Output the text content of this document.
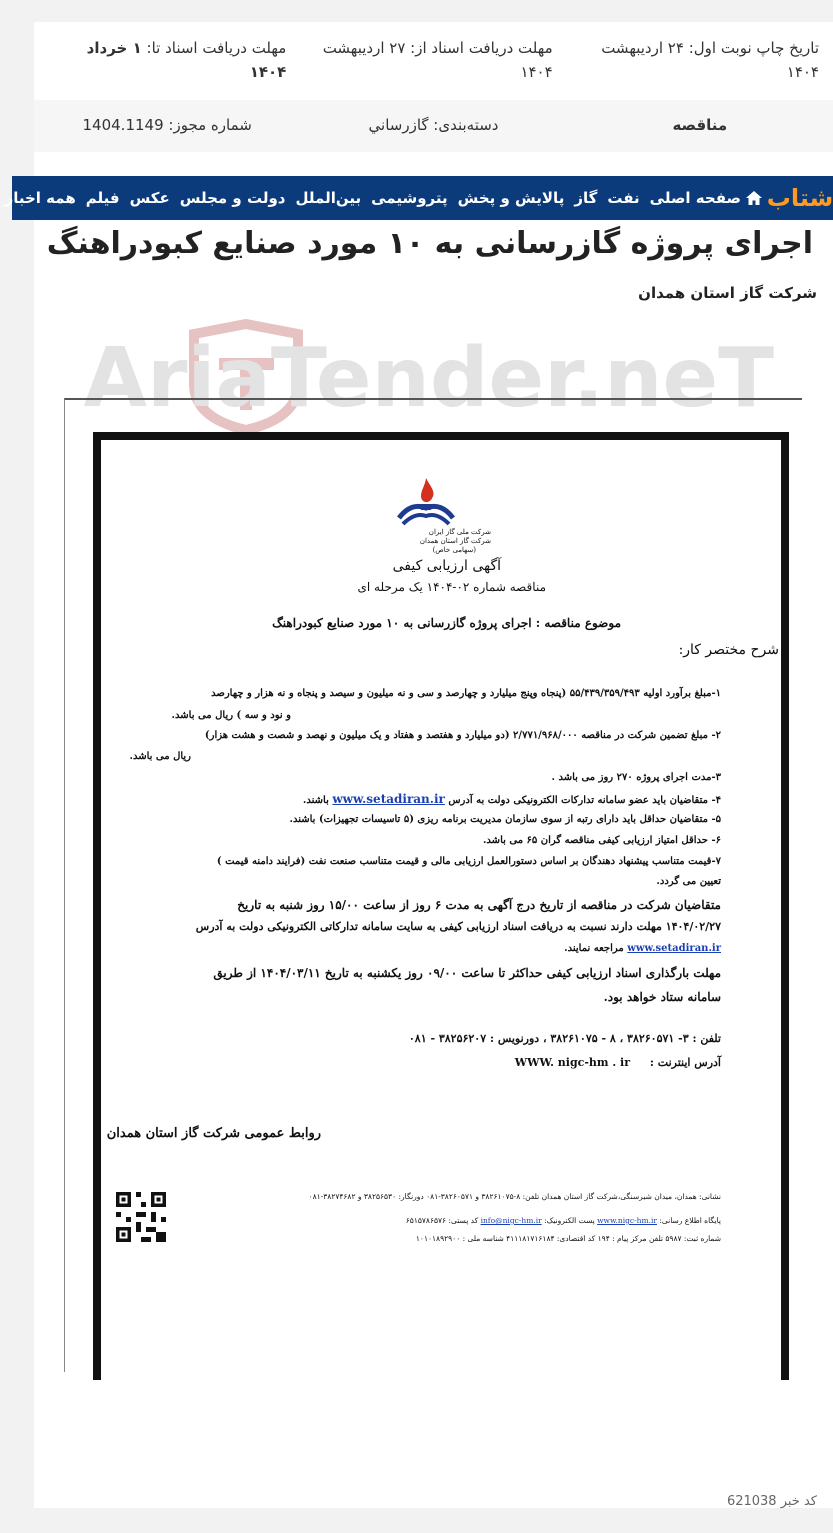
تاریخ چاپ نوبت اول: ۲۴ اردیبهشت ۱۴۰۴
مهلت دریافت اسناد از: ۲۷ اردیبهشت ۱۴۰۴
مهلت دریافت اسناد تا: ۱ خرداد ۱۴۰۴
مناقصه
دسته‌بندی: گازرساني
شماره مجوز: 1404.1149
اجرای پروژه گازرسانی به ۱۰ مورد صنایع کبودراهنگ
شرکت گاز استان همدان
AriaTender.neT
شرکت ملی گاز ایران
شرکت گاز استان همدان
(سهامی خاص)
آگهی ارزیابی کیفی
مناقصه شماره ۰۲-۱۴۰۴ یک مرحله ای
موضوع مناقصه : اجرای پروژه گازرسانی به ۱۰ مورد صنایع کبودراهنگ
شرح مختصر کار:
۱-مبلغ برآورد اولیه ۵۵/۴۳۹/۳۵۹/۴۹۳ (پنجاه وپنج میلیارد و چهارصد و سی و نه میلیون و سیصد و پنجاه و نه هزار و چهارصد
و نود و سه ) ریال می باشد.
۲- مبلغ تضمین شرکت در مناقصه ۲/۷۷۱/۹۶۸/۰۰۰ (دو میلیارد و هفتصد و هفتاد و یک میلیون و نهصد و شصت و هشت هزار)
ریال می باشد.
۳-مدت اجرای پروژه ۲۷۰ روز می باشد .
۴- متقاضیان باید عضو سامانه تدارکات الکترونیکی دولت به آدرس www.setadiran.ir باشند.
۵- متقاضیان حداقل باید دارای رتبه از سوی سازمان مدیریت برنامه ریزی (۵ تاسیسات تجهیزات) باشند.
۶- حداقل امتیاز ارزیابی کیفی مناقصه گران ۶۵ می باشد.
۷-قیمت متناسب پیشنهاد دهندگان بر اساس دستورالعمل ارزیابی مالی و قیمت متناسب صنعت نفت (فرایند دامنه قیمت )
تعیین می گردد.
متقاضیان شرکت در مناقصه از تاریخ درج آگهی به مدت ۶ روز از ساعت ۱۵/۰۰ روز شنبه به تاریخ
۱۴۰۴/۰۲/۲۷ مهلت دارند نسبت به دریافت اسناد ارزیابی کیفی به سایت سامانه تدارکاتی الکترونیکی دولت به آدرس
www.setadiran.ir مراجعه نمایند.
مهلت بارگذاری اسناد ارزیابی کیفی حداکثر تا ساعت ۰۹/۰۰ روز یکشنبه به تاریخ ۱۴۰۴/۰۳/۱۱ از طریق
سامانه ستاد خواهد بود.
تلفن : ۳- ۳۸۲۶۰۵۷۱ ، ۸ - ۳۸۲۶۱۰۷۵ ، دورنویس : ۳۸۲۵۶۲۰۷ - ۰۸۱
آدرس اینترنت : WWW. nigc-hm . ir
روابط عمومی شرکت گاز استان همدان
نشانی: همدان، میدان شیرسنگی،شرکت گاز استان همدان تلفن: ۸-۳۸۲۶۱۰۷۵ و ۳۸۲۶۰۵۷۱-۰۸۱ دورنگار: ۳۸۲۵۶۵۳۰ و ۳۸۲۷۴۶۸۲-۰۸۱
پایگاه اطلاع رسانی: www.nigc-hm.ir پست الکترونیک: info@nigc-hm.ir کد پستی: ۶۵۱۵۷۸۶۵۷۶
شماره ثبت: ۵۹۸۷ تلفن مرکز پیام : ۱۹۴ کد اقتصادی: ۴۱۱۱۸۱۷۱۶۱۸۴ شناسه ملی : ۱۰۱۰۱۸۹۲۹۰۰
کد خبر 621038
شتاب
صفحه اصلی
نفت
گاز
پالایش و پخش
پتروشیمی
بین‌الملل
دولت و مجلس
عکس
فیلم
همه اخبار
